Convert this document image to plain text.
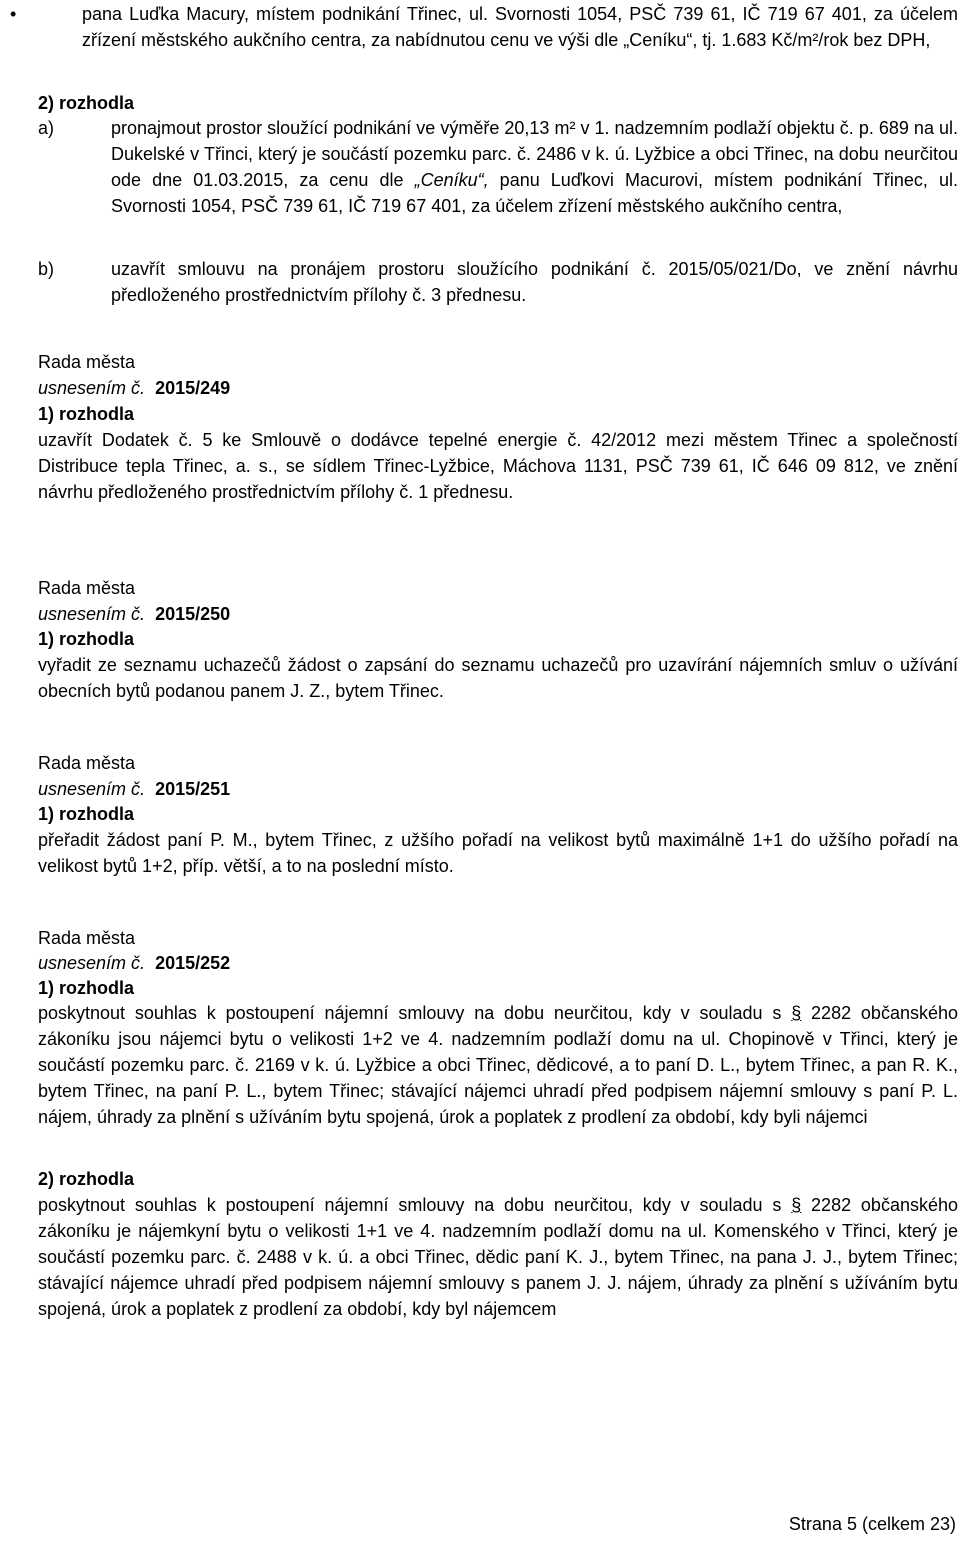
•	pana Luďka Macury, místem podnikání Třinec, ul. Svornosti 1054, PSČ 739 61, IČ 719 67 401, za účelem zřízení městského aukčního centra, za nabídnutou cenu ve výši dle „Ceníku“, tj. 1.683 Kč/m²/rok bez DPH,
2) rozhodla
a)	pronajmout prostor sloužící podnikání ve výměře 20,13 m² v 1. nadzemním podlaží objektu č. p. 689 na ul. Dukelské v Třinci, který je součástí pozemku parc. č. 2486 v k. ú. Lyžbice a obci Třinec, na dobu neurčitou ode dne 01.03.2015, za cenu dle „Ceníku“, panu Luďkovi Macurovi, místem podnikání Třinec, ul. Svornosti 1054, PSČ 739 61, IČ 719 67 401, za účelem zřízení městského aukčního centra,
b)	uzavřít smlouvu na pronájem prostoru sloužícího podnikání č. 2015/05/021/Do, ve znění návrhu předloženého prostřednictvím přílohy č. 3 přednesu.
Rada města
usnesením č. 2015/249
1) rozhodla
uzavřít Dodatek č. 5 ke Smlouvě o dodávce tepelné energie č. 42/2012 mezi městem Třinec a společností Distribuce tepla Třinec, a. s., se sídlem Třinec-Lyžbice, Máchova 1131, PSČ 739 61, IČ 646 09 812, ve znění návrhu předloženého prostřednictvím přílohy č. 1 přednesu.
Rada města
usnesením č. 2015/250
1) rozhodla
vyřadit ze seznamu uchazečů žádost o zapsání do seznamu uchazečů pro uzavírání nájemních smluv o užívání obecních bytů podanou panem J. Z., bytem Třinec.
Rada města
usnesením č. 2015/251
1) rozhodla
přeřadit žádost paní P. M., bytem Třinec, z užšího pořadí na velikost bytů maximálně 1+1 do užšího pořadí na velikost bytů 1+2, příp. větší, a to na poslední místo.
Rada města
usnesením č. 2015/252
1) rozhodla
poskytnout souhlas k postoupení nájemní smlouvy na dobu neurčitou, kdy v souladu s § 2282 občanského zákoníku jsou nájemci bytu o velikosti 1+2 ve 4. nadzemním podlaží domu na ul. Chopinově v Třinci, který je součástí pozemku parc. č. 2169 v k. ú. Lyžbice a obci Třinec, dědicové, a to paní D. L., bytem Třinec, a pan R. K., bytem Třinec, na paní P. L., bytem Třinec; stávající nájemci uhradí před podpisem nájemní smlouvy s paní P. L. nájem, úhrady za plnění s užíváním bytu spojená, úrok a poplatek z prodlení za období, kdy byli nájemci
2) rozhodla
poskytnout souhlas k postoupení nájemní smlouvy na dobu neurčitou, kdy v souladu s § 2282 občanského zákoníku je nájemkyní bytu o velikosti 1+1 ve 4. nadzemním podlaží domu na ul. Komenského v Třinci, který je součástí pozemku parc. č. 2488 v k. ú. a obci Třinec, dědic paní K. J., bytem Třinec, na pana J. J., bytem Třinec; stávající nájemce uhradí před podpisem nájemní smlouvy s panem J. J. nájem, úhrady za plnění s užíváním bytu spojená, úrok a poplatek z prodlení za období, kdy byl nájemcem
Strana 5 (celkem 23)
